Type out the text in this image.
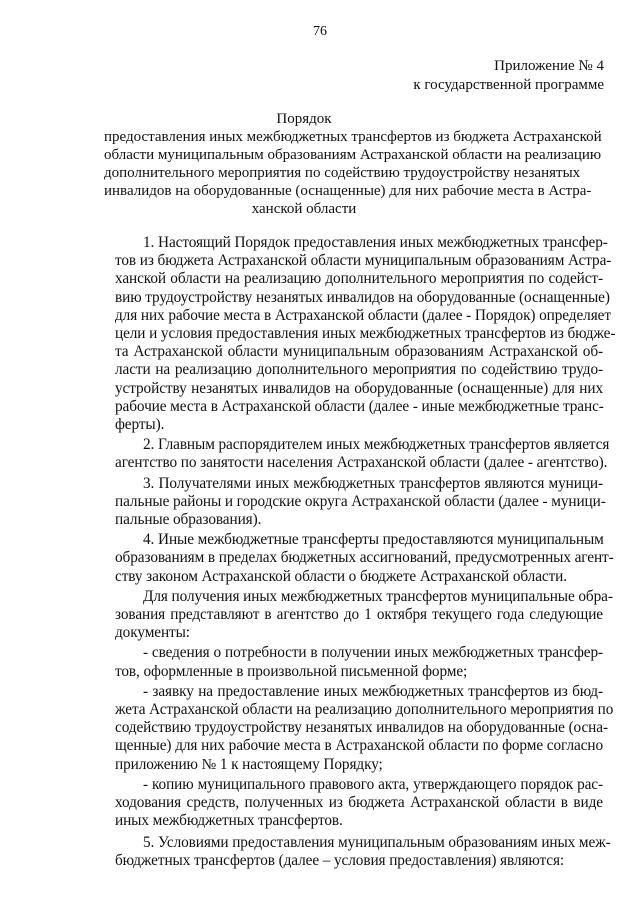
76
Приложение № 4
к государственной программе
Порядок
предоставления иных межбюджетных трансфертов из бюджета Астраханской
области муниципальным образованиям Астраханской области на реализацию
дополнительного мероприятия по содействию трудоустройству незанятых
инвалидов на оборудованные (оснащенные) для них рабочие места в Астра-
ханской области
1. Настоящий Порядок предоставления иных межбюджетных трансфер-
тов из бюджета Астраханской области муниципальным образованиям Астра-
ханской области на реализацию дополнительного мероприятия по содейст-
вию трудоустройству незанятых инвалидов на оборудованные (оснащенные)
для них рабочие места в Астраханской области (далее - Порядок) определяет
цели и условия предоставления иных межбюджетных трансфертов из бюдже-
та Астраханской области муниципальным образованиям Астраханской об-
ласти на реализацию дополнительного мероприятия по содействию трудо-
устройству незанятых инвалидов на оборудованные (оснащенные) для них
рабочие места в Астраханской области (далее - иные межбюджетные транс-
ферты).
2. Главным распорядителем иных межбюджетных трансфертов является
агентство по занятости населения Астраханской области (далее - агентство).
3. Получателями иных межбюджетных трансфертов являются муници-
пальные районы и городские округа Астраханской области (далее - муници-
пальные образования).
4. Иные межбюджетные трансферты предоставляются муниципальным
образованиям в пределах бюджетных ассигнований, предусмотренных агент-
ству законом Астраханской области о бюджете Астраханской области.
Для получения иных межбюджетных трансфертов муниципальные обра-
зования представляют в агентство до 1 октября текущего года следующие
документы:
- сведения о потребности в получении иных межбюджетных трансфер-
тов, оформленные в произвольной письменной форме;
- заявку на предоставление иных межбюджетных трансфертов из бюд-
жета Астраханской области на реализацию дополнительного мероприятия по
содействию трудоустройству незанятых инвалидов на оборудованные (осна-
щенные) для них рабочие места в Астраханской области по форме согласно
приложению № 1 к настоящему Порядку;
- копию муниципального правового акта, утверждающего порядок рас-
ходования средств, полученных из бюджета Астраханской области в виде
иных межбюджетных трансфертов.
5. Условиями предоставления муниципальным образованиям иных меж-
бюджетных трансфертов (далее – условия предоставления) являются:
